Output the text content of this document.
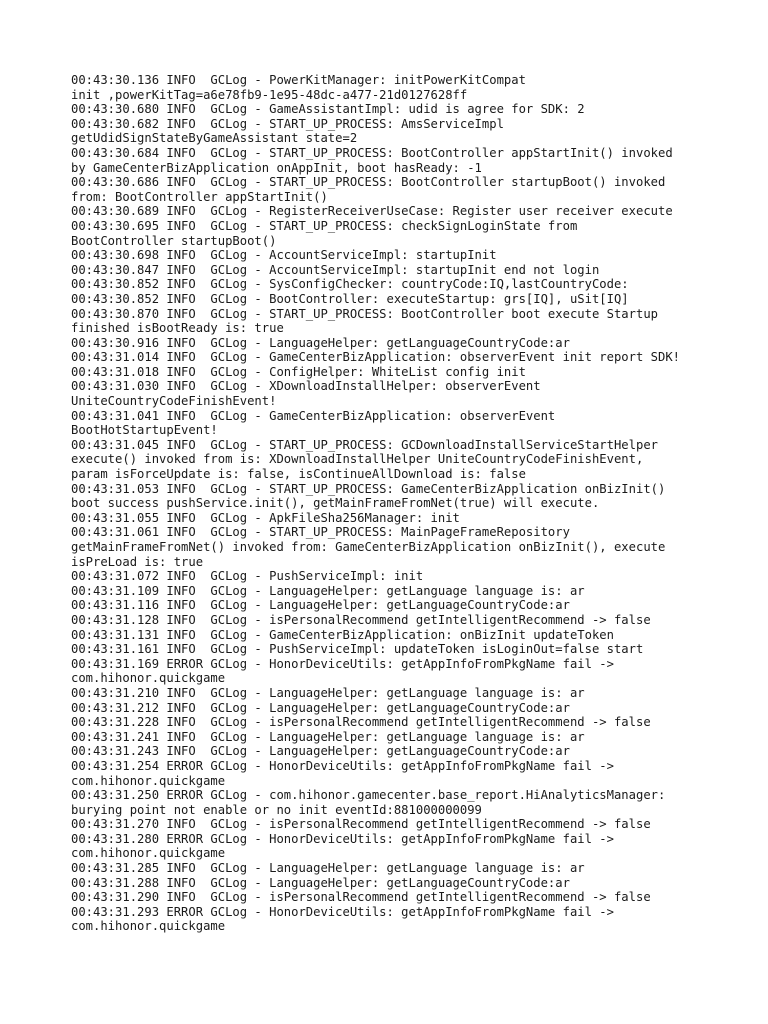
00:43:30.136 INFO  GCLog - PowerKitManager: initPowerKitCompat
init ,powerKitTag=a6e78fb9-1e95-48dc-a477-21d0127628ff
00:43:30.680 INFO  GCLog - GameAssistantImpl: udid is agree for SDK: 2
00:43:30.682 INFO  GCLog - START_UP_PROCESS: AmsServiceImpl
getUdidSignStateByGameAssistant state=2
00:43:30.684 INFO  GCLog - START_UP_PROCESS: BootController appStartInit() invoked
by GameCenterBizApplication onAppInit, boot hasReady: -1
00:43:30.686 INFO  GCLog - START_UP_PROCESS: BootController startupBoot() invoked
from: BootController appStartInit()
00:43:30.689 INFO  GCLog - RegisterReceiverUseCase: Register user receiver execute
00:43:30.695 INFO  GCLog - START_UP_PROCESS: checkSignLoginState from
BootController startupBoot()
00:43:30.698 INFO  GCLog - AccountServiceImpl: startupInit
00:43:30.847 INFO  GCLog - AccountServiceImpl: startupInit end not login
00:43:30.852 INFO  GCLog - SysConfigChecker: countryCode:IQ,lastCountryCode:
00:43:30.852 INFO  GCLog - BootController: executeStartup: grs[IQ], uSit[IQ]
00:43:30.870 INFO  GCLog - START_UP_PROCESS: BootController boot execute Startup
finished isBootReady is: true
00:43:30.916 INFO  GCLog - LanguageHelper: getLanguageCountryCode:ar
00:43:31.014 INFO  GCLog - GameCenterBizApplication: observerEvent init report SDK!
00:43:31.018 INFO  GCLog - ConfigHelper: WhiteList config init
00:43:31.030 INFO  GCLog - XDownloadInstallHelper: observerEvent
UniteCountryCodeFinishEvent!
00:43:31.041 INFO  GCLog - GameCenterBizApplication: observerEvent
BootHotStartupEvent!
00:43:31.045 INFO  GCLog - START_UP_PROCESS: GCDownloadInstallServiceStartHelper
execute() invoked from is: XDownloadInstallHelper UniteCountryCodeFinishEvent,
param isForceUpdate is: false, isContinueAllDownload is: false
00:43:31.053 INFO  GCLog - START_UP_PROCESS: GameCenterBizApplication onBizInit()
boot success pushService.init(), getMainFrameFromNet(true) will execute.
00:43:31.055 INFO  GCLog - ApkFileSha256Manager: init
00:43:31.061 INFO  GCLog - START_UP_PROCESS: MainPageFrameRepository
getMainFrameFromNet() invoked from: GameCenterBizApplication onBizInit(), execute
isPreLoad is: true
00:43:31.072 INFO  GCLog - PushServiceImpl: init
00:43:31.109 INFO  GCLog - LanguageHelper: getLanguage language is: ar
00:43:31.116 INFO  GCLog - LanguageHelper: getLanguageCountryCode:ar
00:43:31.128 INFO  GCLog - isPersonalRecommend getIntelligentRecommend -> false
00:43:31.131 INFO  GCLog - GameCenterBizApplication: onBizInit updateToken
00:43:31.161 INFO  GCLog - PushServiceImpl: updateToken isLoginOut=false start
00:43:31.169 ERROR GCLog - HonorDeviceUtils: getAppInfoFromPkgName fail ->
com.hihonor.quickgame
00:43:31.210 INFO  GCLog - LanguageHelper: getLanguage language is: ar
00:43:31.212 INFO  GCLog - LanguageHelper: getLanguageCountryCode:ar
00:43:31.228 INFO  GCLog - isPersonalRecommend getIntelligentRecommend -> false
00:43:31.241 INFO  GCLog - LanguageHelper: getLanguage language is: ar
00:43:31.243 INFO  GCLog - LanguageHelper: getLanguageCountryCode:ar
00:43:31.254 ERROR GCLog - HonorDeviceUtils: getAppInfoFromPkgName fail ->
com.hihonor.quickgame
00:43:31.250 ERROR GCLog - com.hihonor.gamecenter.base_report.HiAnalyticsManager:
burying point not enable or no init eventId:881000000099
00:43:31.270 INFO  GCLog - isPersonalRecommend getIntelligentRecommend -> false
00:43:31.280 ERROR GCLog - HonorDeviceUtils: getAppInfoFromPkgName fail ->
com.hihonor.quickgame
00:43:31.285 INFO  GCLog - LanguageHelper: getLanguage language is: ar
00:43:31.288 INFO  GCLog - LanguageHelper: getLanguageCountryCode:ar
00:43:31.290 INFO  GCLog - isPersonalRecommend getIntelligentRecommend -> false
00:43:31.293 ERROR GCLog - HonorDeviceUtils: getAppInfoFromPkgName fail ->
com.hihonor.quickgame
